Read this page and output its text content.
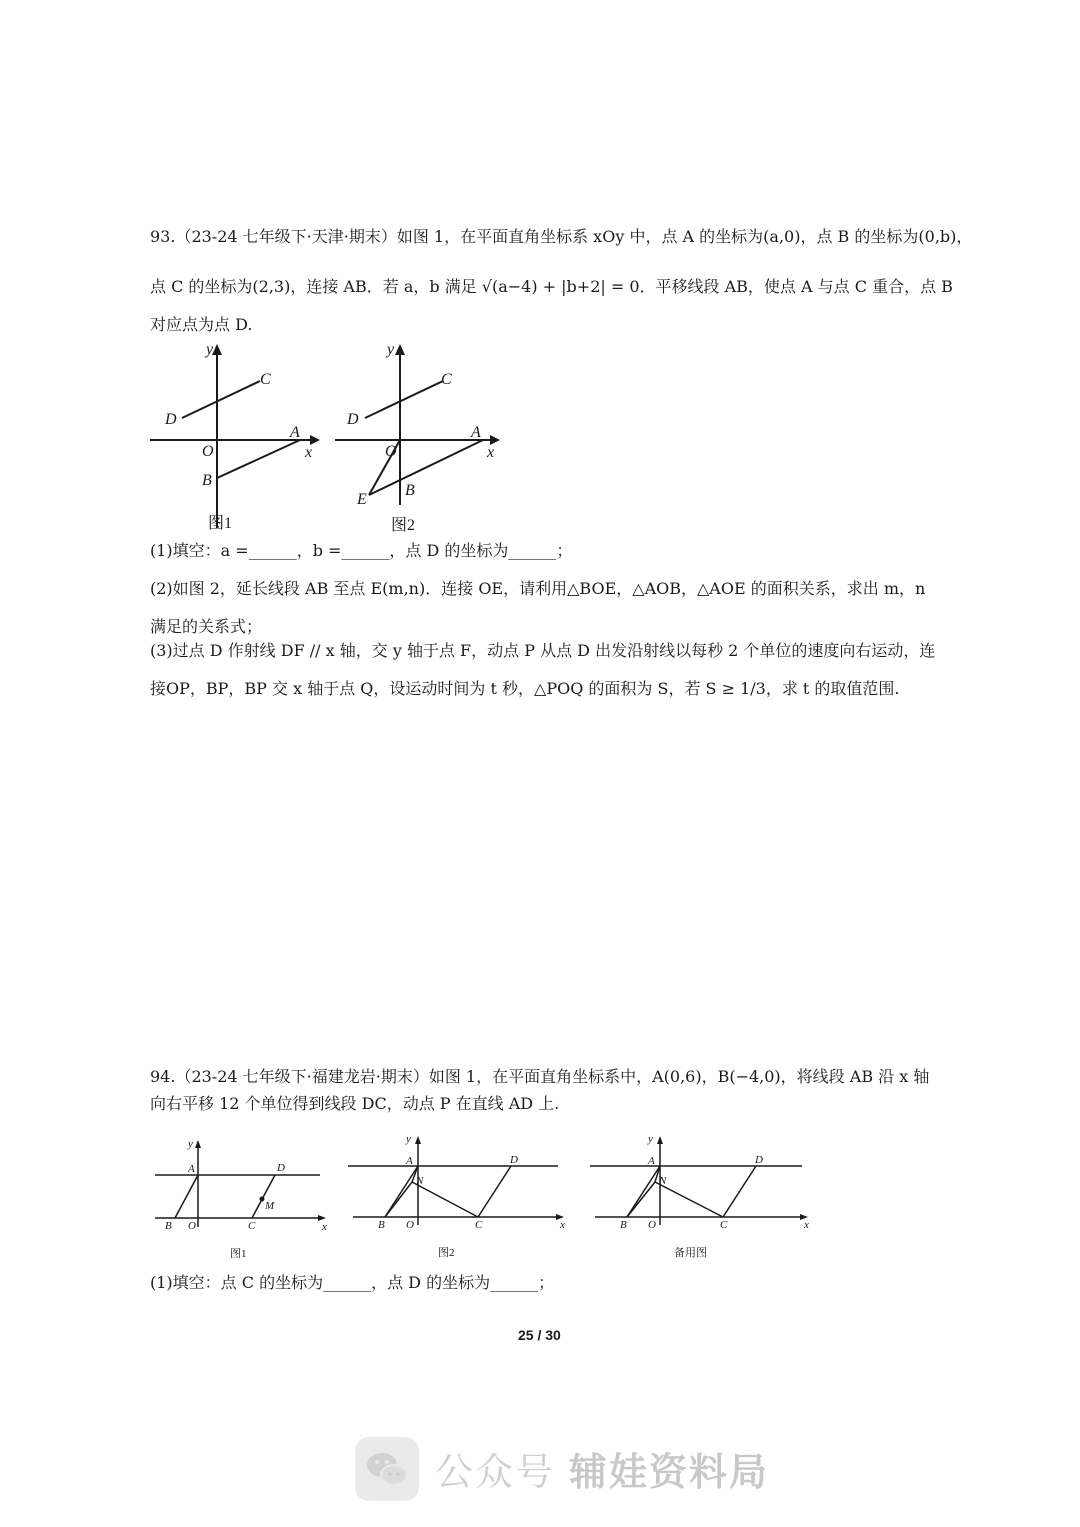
93.（23-24 七年级下·天津·期末）如图 1，在平面直角坐标系 xOy 中，点 A 的坐标为(a,0)，点 B 的坐标为(0,b)，
点 C 的坐标为(2,3)，连接 AB．若 a，b 满足 √(a−4) + |b+2| = 0．平移线段 AB，使点 A 与点 C 重合，点 B
对应点为点 D.
y
x
O
A
B
C
D
图1
y
x
O
A
B
C
D
E
图2
(1)填空：a =______，b =______，点 D 的坐标为______；
(2)如图 2，延长线段 AB 至点 E(m,n)．连接 OE，请利用△BOE，△AOB，△AOE 的面积关系，求出 m，n
满足的关系式；
(3)过点 D 作射线 DF // x 轴，交 y 轴于点 F，动点 P 从点 D 出发沿射线以每秒 2 个单位的速度向右运动，连
接OP，BP，BP 交 x 轴于点 Q，设运动时间为 t 秒，△POQ 的面积为 S，若 S ≥ 1/3，求 t 的取值范围.
94.（23-24 七年级下·福建龙岩·期末）如图 1，在平面直角坐标系中，A(0,6)，B(−4,0)，将线段 AB 沿 x 轴
向右平移 12 个单位得到线段 DC，动点 P 在直线 AD 上.
y
x
O
A
B	C
D
M
图1
y
x
O
A
B	C
D
N
图2
y
x
O
A
B	C
D
N
备用图
(1)填空：点 C 的坐标为______，点 D 的坐标为______；
25 / 30
公众号 辅娃资料局
